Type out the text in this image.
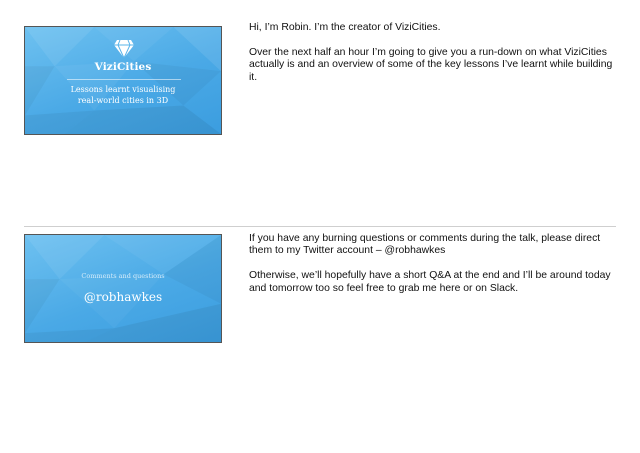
ViziCities
Lessons learnt visualising
real-world cities in 3D

Hi, I’m Robin. I’m the creator of ViziCities.

Over the next half an hour I’m going to give you a run-down on what ViziCities actually is and an overview of some of the key lessons I’ve learnt while building it.

Comments and questions
@robhawkes

If you have any burning questions or comments during the talk, please direct them to my Twitter account – @robhawkes

Otherwise, we’ll hopefully have a short Q&A at the end and I’ll be around today and tomorrow too so feel free to grab me here or on Slack.
